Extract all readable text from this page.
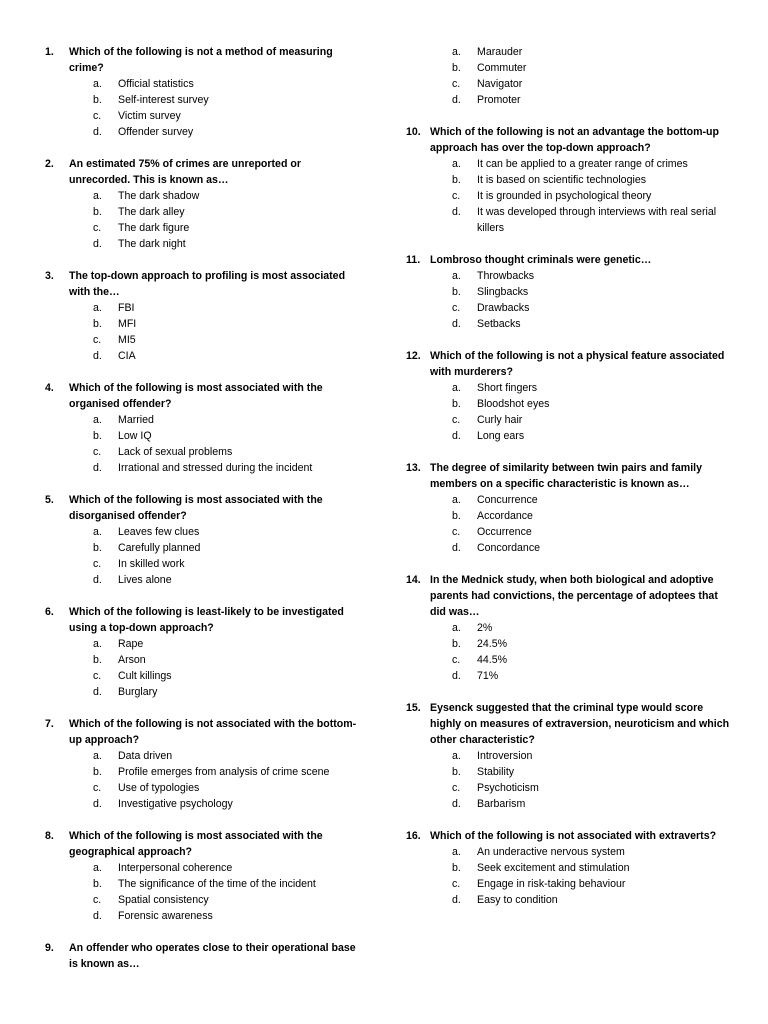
1.	Which of the following is not a method of measuring crime?
a.	Official statistics
b.	Self-interest survey
c.	Victim survey
d.	Offender survey
2.	An estimated 75% of crimes are unreported or unrecorded. This is known as…
a.	The dark shadow
b.	The dark alley
c.	The dark figure
d.	The dark night
3.	The top-down approach to profiling is most associated with the…
a.	FBI
b.	MFI
c.	MI5
d.	CIA
4.	Which of the following is most associated with the organised offender?
a.	Married
b.	Low IQ
c.	Lack of sexual problems
d.	Irrational and stressed during the incident
5.	Which of the following is most associated with the disorganised offender?
a.	Leaves few clues
b.	Carefully planned
c.	In skilled work
d.	Lives alone
6.	Which of the following is least-likely to be investigated using a top-down approach?
a.	Rape
b.	Arson
c.	Cult killings
d.	Burglary
7.	Which of the following is not associated with the bottom-up approach?
a.	Data driven
b.	Profile emerges from analysis of crime scene
c.	Use of typologies
d.	Investigative psychology
8.	Which of the following is most associated with the geographical approach?
a.	Interpersonal coherence
b.	The significance of the time of the incident
c.	Spatial consistency
d.	Forensic awareness
9.	An offender who operates close to their operational base is known as…
a.	Marauder
b.	Commuter
c.	Navigator
d.	Promoter
10. Which of the following is not an advantage the bottom-up approach has over the top-down approach?
a.	It can be applied to a greater range of crimes
b.	It is based on scientific technologies
c.	It is grounded in psychological theory
d.	It was developed through interviews with real serial killers
11. Lombroso thought criminals were genetic…
a.	Throwbacks
b.	Slingbacks
c.	Drawbacks
d.	Setbacks
12. Which of the following is not a physical feature associated with murderers?
a.	Short fingers
b.	Bloodshot eyes
c.	Curly hair
d.	Long ears
13. The degree of similarity between twin pairs and family members on a specific characteristic is known as…
a.	Concurrence
b.	Accordance
c.	Occurrence
d.	Concordance
14. In the Mednick study, when both biological and adoptive parents had convictions, the percentage of adoptees that did was…
a.	2%
b.	24.5%
c.	44.5%
d.	71%
15. Eysenck suggested that the criminal type would score highly on measures of extraversion, neuroticism and which other characteristic?
a.	Introversion
b.	Stability
c.	Psychoticism
d.	Barbarism
16. Which of the following is not associated with extraverts?
a.	An underactive nervous system
b.	Seek excitement and stimulation
c.	Engage in risk-taking behaviour
d.	Easy to condition
